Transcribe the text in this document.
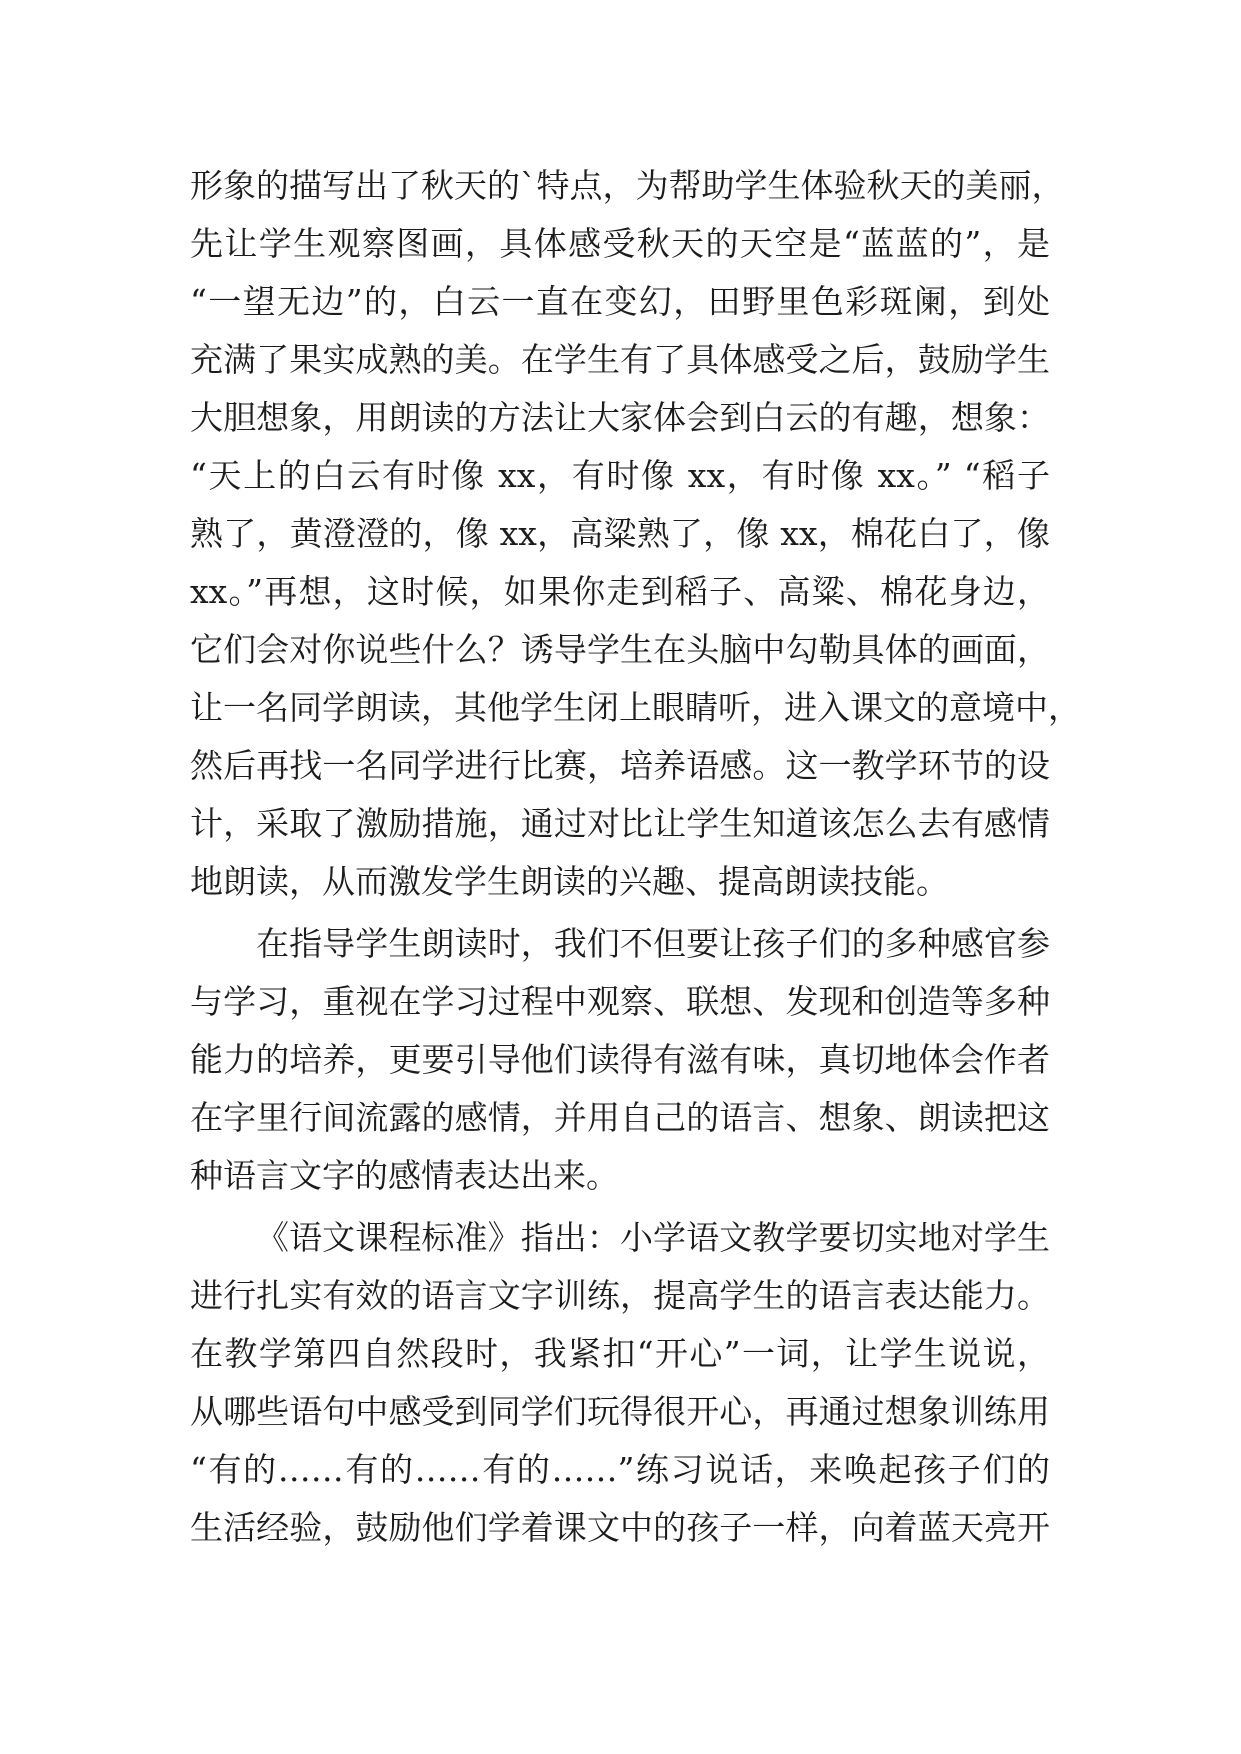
形象的描写出了秋天的`特点，为帮助学生体验秋天的美丽，
先让学生观察图画，具体感受秋天的天空是“蓝蓝的”，是
“一望无边”的，白云一直在变幻，田野里色彩斑阑，到处
充满了果实成熟的美。在学生有了具体感受之后，鼓励学生
大胆想象，用朗读的方法让大家体会到白云的有趣，想象：
“天上的白云有时像 xx，有时像 xx，有时像 xx。” “稻子
熟了，黄澄澄的，像 xx，高粱熟了，像 xx，棉花白了，像
xx。”再想，这时候，如果你走到稻子、高粱、棉花身边，
它们会对你说些什么？诱导学生在头脑中勾勒具体的画面，
让一名同学朗读，其他学生闭上眼睛听，进入课文的意境中，
然后再找一名同学进行比赛，培养语感。这一教学环节的设
计，采取了激励措施，通过对比让学生知道该怎么去有感情
地朗读，从而激发学生朗读的兴趣、提高朗读技能。
在指导学生朗读时，我们不但要让孩子们的多种感官参
与学习，重视在学习过程中观察、联想、发现和创造等多种
能力的培养，更要引导他们读得有滋有味，真切地体会作者
在字里行间流露的感情，并用自己的语言、想象、朗读把这
种语言文字的感情表达出来。
《语文课程标准》指出：小学语文教学要切实地对学生
进行扎实有效的语言文字训练，提高学生的语言表达能力。
在教学第四自然段时，我紧扣“开心”一词，让学生说说，
从哪些语句中感受到同学们玩得很开心，再通过想象训练用
“有的……有的……有的……”练习说话，来唤起孩子们的
生活经验，鼓励他们学着课文中的孩子一样，向着蓝天亮开
